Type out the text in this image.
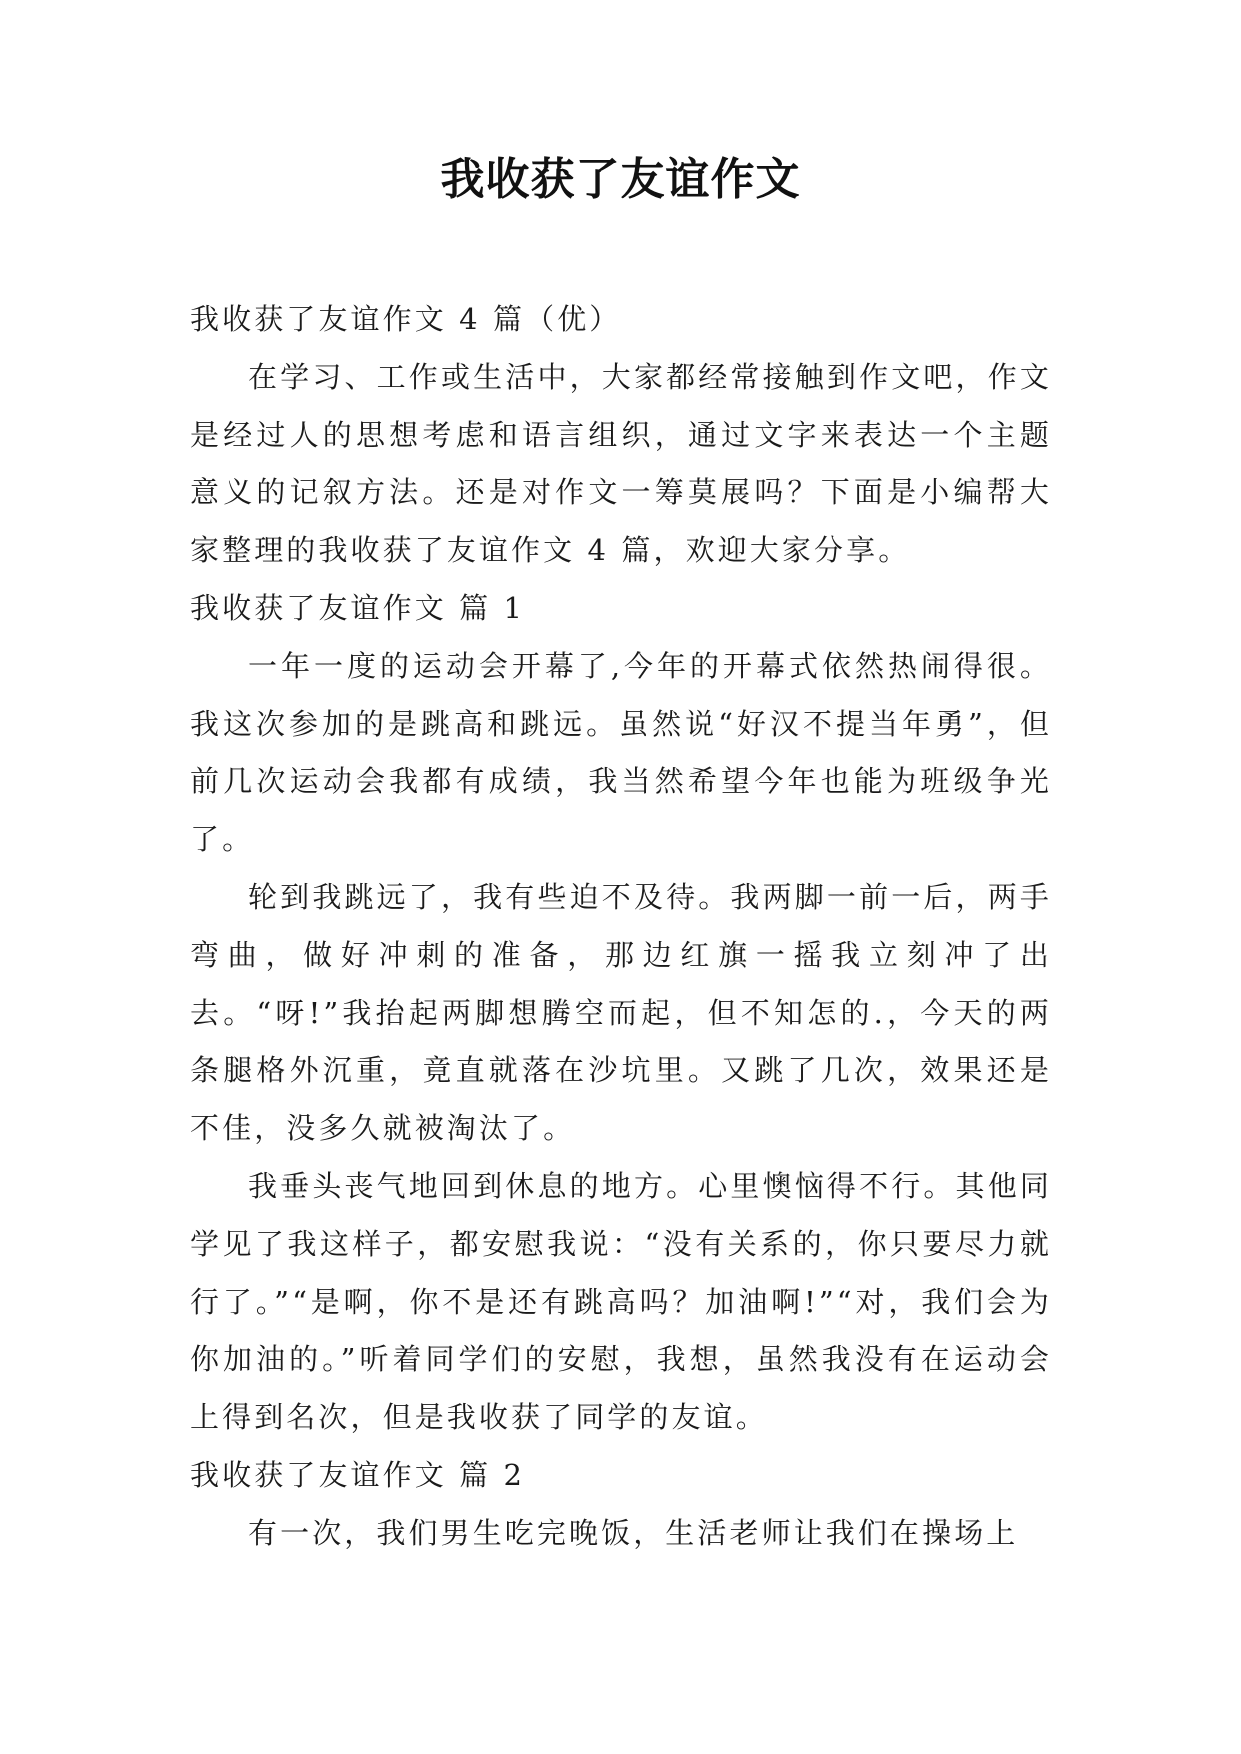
我收获了友谊作文

我收获了友谊作文 4 篇（优）

在学习、工作或生活中，大家都经常接触到作文吧，作文是经过人的思想考虑和语言组织，通过文字来表达一个主题意义的记叙方法。还是对作文一筹莫展吗？下面是小编帮大家整理的我收获了友谊作文 4 篇，欢迎大家分享。

我收获了友谊作文 篇 1

一年一度的运动会开幕了,今年的开幕式依然热闹得很。我这次参加的是跳高和跳远。虽然说“好汉不提当年勇”，但前几次运动会我都有成绩，我当然希望今年也能为班级争光了。

轮到我跳远了，我有些迫不及待。我两脚一前一后，两手弯曲，做好冲刺的准备，那边红旗一摇我立刻冲了出去。“呀!”我抬起两脚想腾空而起，但不知怎的.，今天的两条腿格外沉重，竟直就落在沙坑里。又跳了几次，效果还是不佳，没多久就被淘汰了。

我垂头丧气地回到休息的地方。心里懊恼得不行。其他同学见了我这样子，都安慰我说：“没有关系的，你只要尽力就行了。”“是啊，你不是还有跳高吗？加油啊!”“对，我们会为你加油的。”听着同学们的安慰，我想，虽然我没有在运动会上得到名次，但是我收获了同学的友谊。

我收获了友谊作文 篇 2

有一次，我们男生吃完晚饭，生活老师让我们在操场上
